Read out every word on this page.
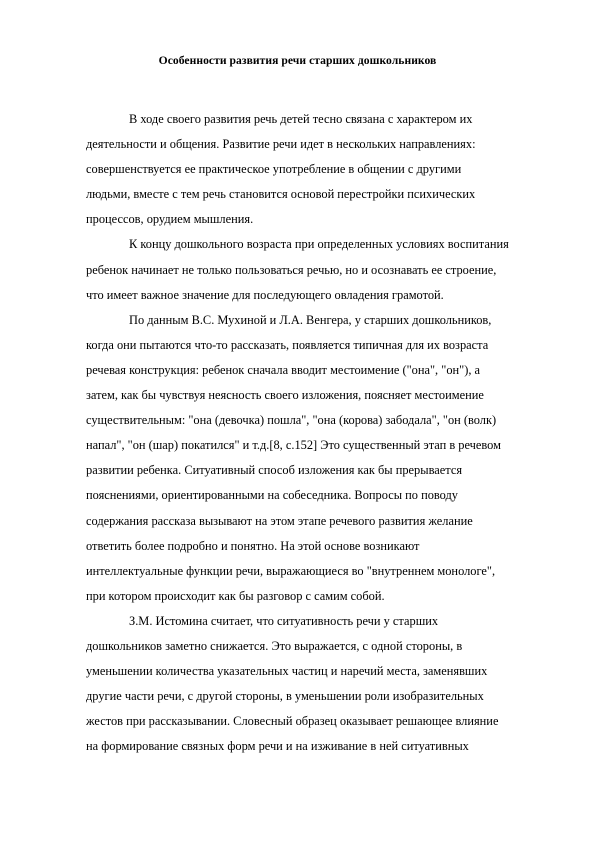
Особенности развития речи старших дошкольников
В ходе своего развития речь детей тесно связана с характером их
деятельности и общения. Развитие речи идет в нескольких направлениях:
совершенствуется ее практическое употребление в общении с другими
людьми, вместе с тем речь становится основой перестройки психических
процессов, орудием мышления.
К концу дошкольного возраста при определенных условиях воспитания
ребенок начинает не только пользоваться речью, но и осознавать ее строение,
что имеет важное значение для последующего овладения грамотой.
По данным В.С. Мухиной и Л.А. Венгера, у старших дошкольников,
когда они пытаются что-то рассказать, появляется типичная для их возраста
речевая конструкция: ребенок сначала вводит местоимение ("она", "он"), а
затем, как бы чувствуя неясность своего изложения, поясняет местоимение
существительным: "она (девочка) пошла", "она (корова) забодала", "он (волк)
напал", "он (шар) покатился" и т.д.[8, с.152] Это существенный этап в речевом
развитии ребенка. Ситуативный способ изложения как бы прерывается
пояснениями, ориентированными на собеседника. Вопросы по поводу
содержания рассказа вызывают на этом этапе речевого развития желание
ответить более подробно и понятно. На этой основе возникают
интеллектуальные функции речи, выражающиеся во "внутреннем монологе",
при котором происходит как бы разговор с самим собой.
З.М. Истомина считает, что ситуативность речи у старших
дошкольников заметно снижается. Это выражается, с одной стороны, в
уменьшении количества указательных частиц и наречий места, заменявших
другие части речи, с другой стороны, в уменьшении роли изобразительных
жестов при рассказывании. Словесный образец оказывает решающее влияние
на формирование связных форм речи и на изживание в ней ситуативных
